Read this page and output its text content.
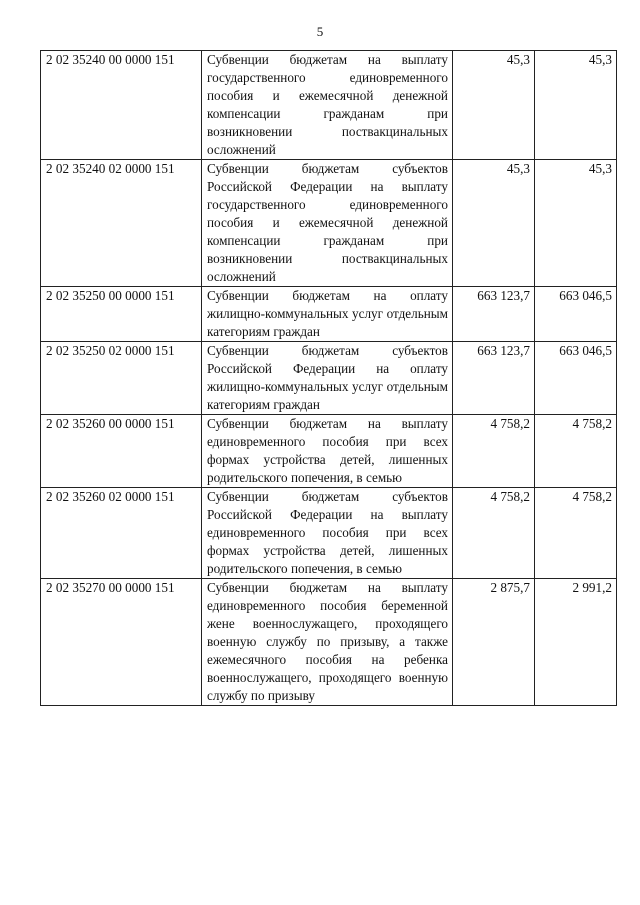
5
2 02 35240 00 0000 151	Субвенции бюджетам на выплату государственного единовременного пособия и ежемесячной денежной компенсации гражданам при возникновении поствакцинальных осложнений	45,3	45,3
2 02 35240 02 0000 151	Субвенции бюджетам субъектов Российской Федерации на выплату государственного единовременного пособия и ежемесячной денежной компенсации гражданам при возникновении поствакцинальных осложнений	45,3	45,3
2 02 35250 00 0000 151	Субвенции бюджетам на оплату жилищно-коммунальных услуг отдельным категориям граждан	663 123,7	663 046,5
2 02 35250 02 0000 151	Субвенции бюджетам субъектов Российской Федерации на оплату жилищно-коммунальных услуг отдельным категориям граждан	663 123,7	663 046,5
2 02 35260 00 0000 151	Субвенции бюджетам на выплату единовременного пособия при всех формах устройства детей, лишенных родительского попечения, в семью	4 758,2	4 758,2
2 02 35260 02 0000 151	Субвенции бюджетам субъектов Российской Федерации на выплату единовременного пособия при всех формах устройства детей, лишенных родительского попечения, в семью	4 758,2	4 758,2
2 02 35270 00 0000 151	Субвенции бюджетам на выплату единовременного пособия беременной жене военнослужащего, проходящего военную службу по призыву, а также ежемесячного пособия на ребенка военнослужащего, проходящего военную службу по призыву	2 875,7	2 991,2
